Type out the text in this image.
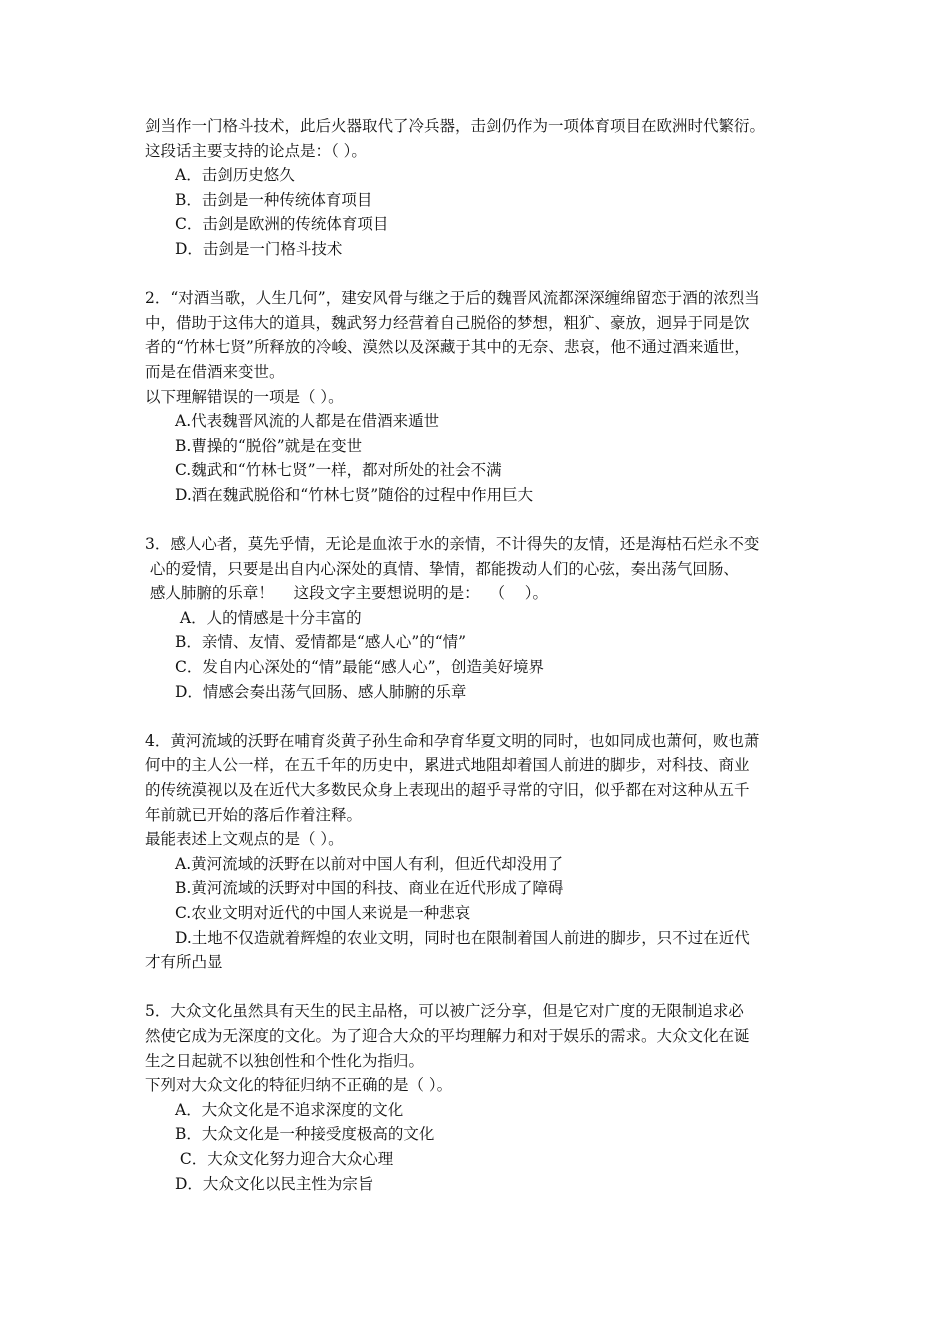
剑当作一门格斗技术，此后火器取代了冷兵器，击剑仍作为一项体育项目在欧洲时代繁衍。
这段话主要支持的论点是：（ ）。
A．击剑历史悠久
B．击剑是一种传统体育项目
C．击剑是欧洲的传统体育项目
D．击剑是一门格斗技术
2．“对酒当歌，人生几何”，建安风骨与继之于后的魏晋风流都深深缠绵留恋于酒的浓烈当
中，借助于这伟大的道具，魏武努力经营着自己脱俗的梦想，粗犷、豪放，迥异于同是饮
者的“竹林七贤”所释放的冷峻、漠然以及深藏于其中的无奈、悲哀，他不通过酒来遁世，
而是在借酒来变世。
以下理解错误的一项是（ ）。
A.代表魏晋风流的人都是在借酒来遁世
B.曹操的“脱俗”就是在变世
C.魏武和“竹林七贤”一样，都对所处的社会不满
D.酒在魏武脱俗和“竹林七贤”随俗的过程中作用巨大
3．感人心者，莫先乎情，无论是血浓于水的亲情，不计得失的友情，还是海枯石烂永不变
心的爱情，只要是出自内心深处的真情、挚情，都能拨动人们的心弦，奏出荡气回肠、
感人肺腑的乐章！    这段文字主要想说明的是：  （    ）。
A．人的情感是十分丰富的
B．亲情、友情、爱情都是“感人心”的“情”
C．发自内心深处的“情”最能“感人心”，创造美好境界
D．情感会奏出荡气回肠、感人肺腑的乐章
4．黄河流域的沃野在哺育炎黄子孙生命和孕育华夏文明的同时，也如同成也萧何，败也萧
何中的主人公一样，在五千年的历史中，累进式地阻却着国人前进的脚步，对科技、商业
的传统漠视以及在近代大多数民众身上表现出的超乎寻常的守旧，似乎都在对这种从五千
年前就已开始的落后作着注释。
最能表述上文观点的是（ ）。
A.黄河流域的沃野在以前对中国人有利，但近代却没用了
B.黄河流域的沃野对中国的科技、商业在近代形成了障碍
C.农业文明对近代的中国人来说是一种悲哀
D.土地不仅造就着辉煌的农业文明，同时也在限制着国人前进的脚步，只不过在近代
才有所凸显
5．大众文化虽然具有天生的民主品格，可以被广泛分享，但是它对广度的无限制追求必
然使它成为无深度的文化。为了迎合大众的平均理解力和对于娱乐的需求。大众文化在诞
生之日起就不以独创性和个性化为指归。
下列对大众文化的特征归纳不正确的是（ ）。
A．大众文化是不追求深度的文化
B．大众文化是一种接受度极高的文化
C．大众文化努力迎合大众心理
D．大众文化以民主性为宗旨
